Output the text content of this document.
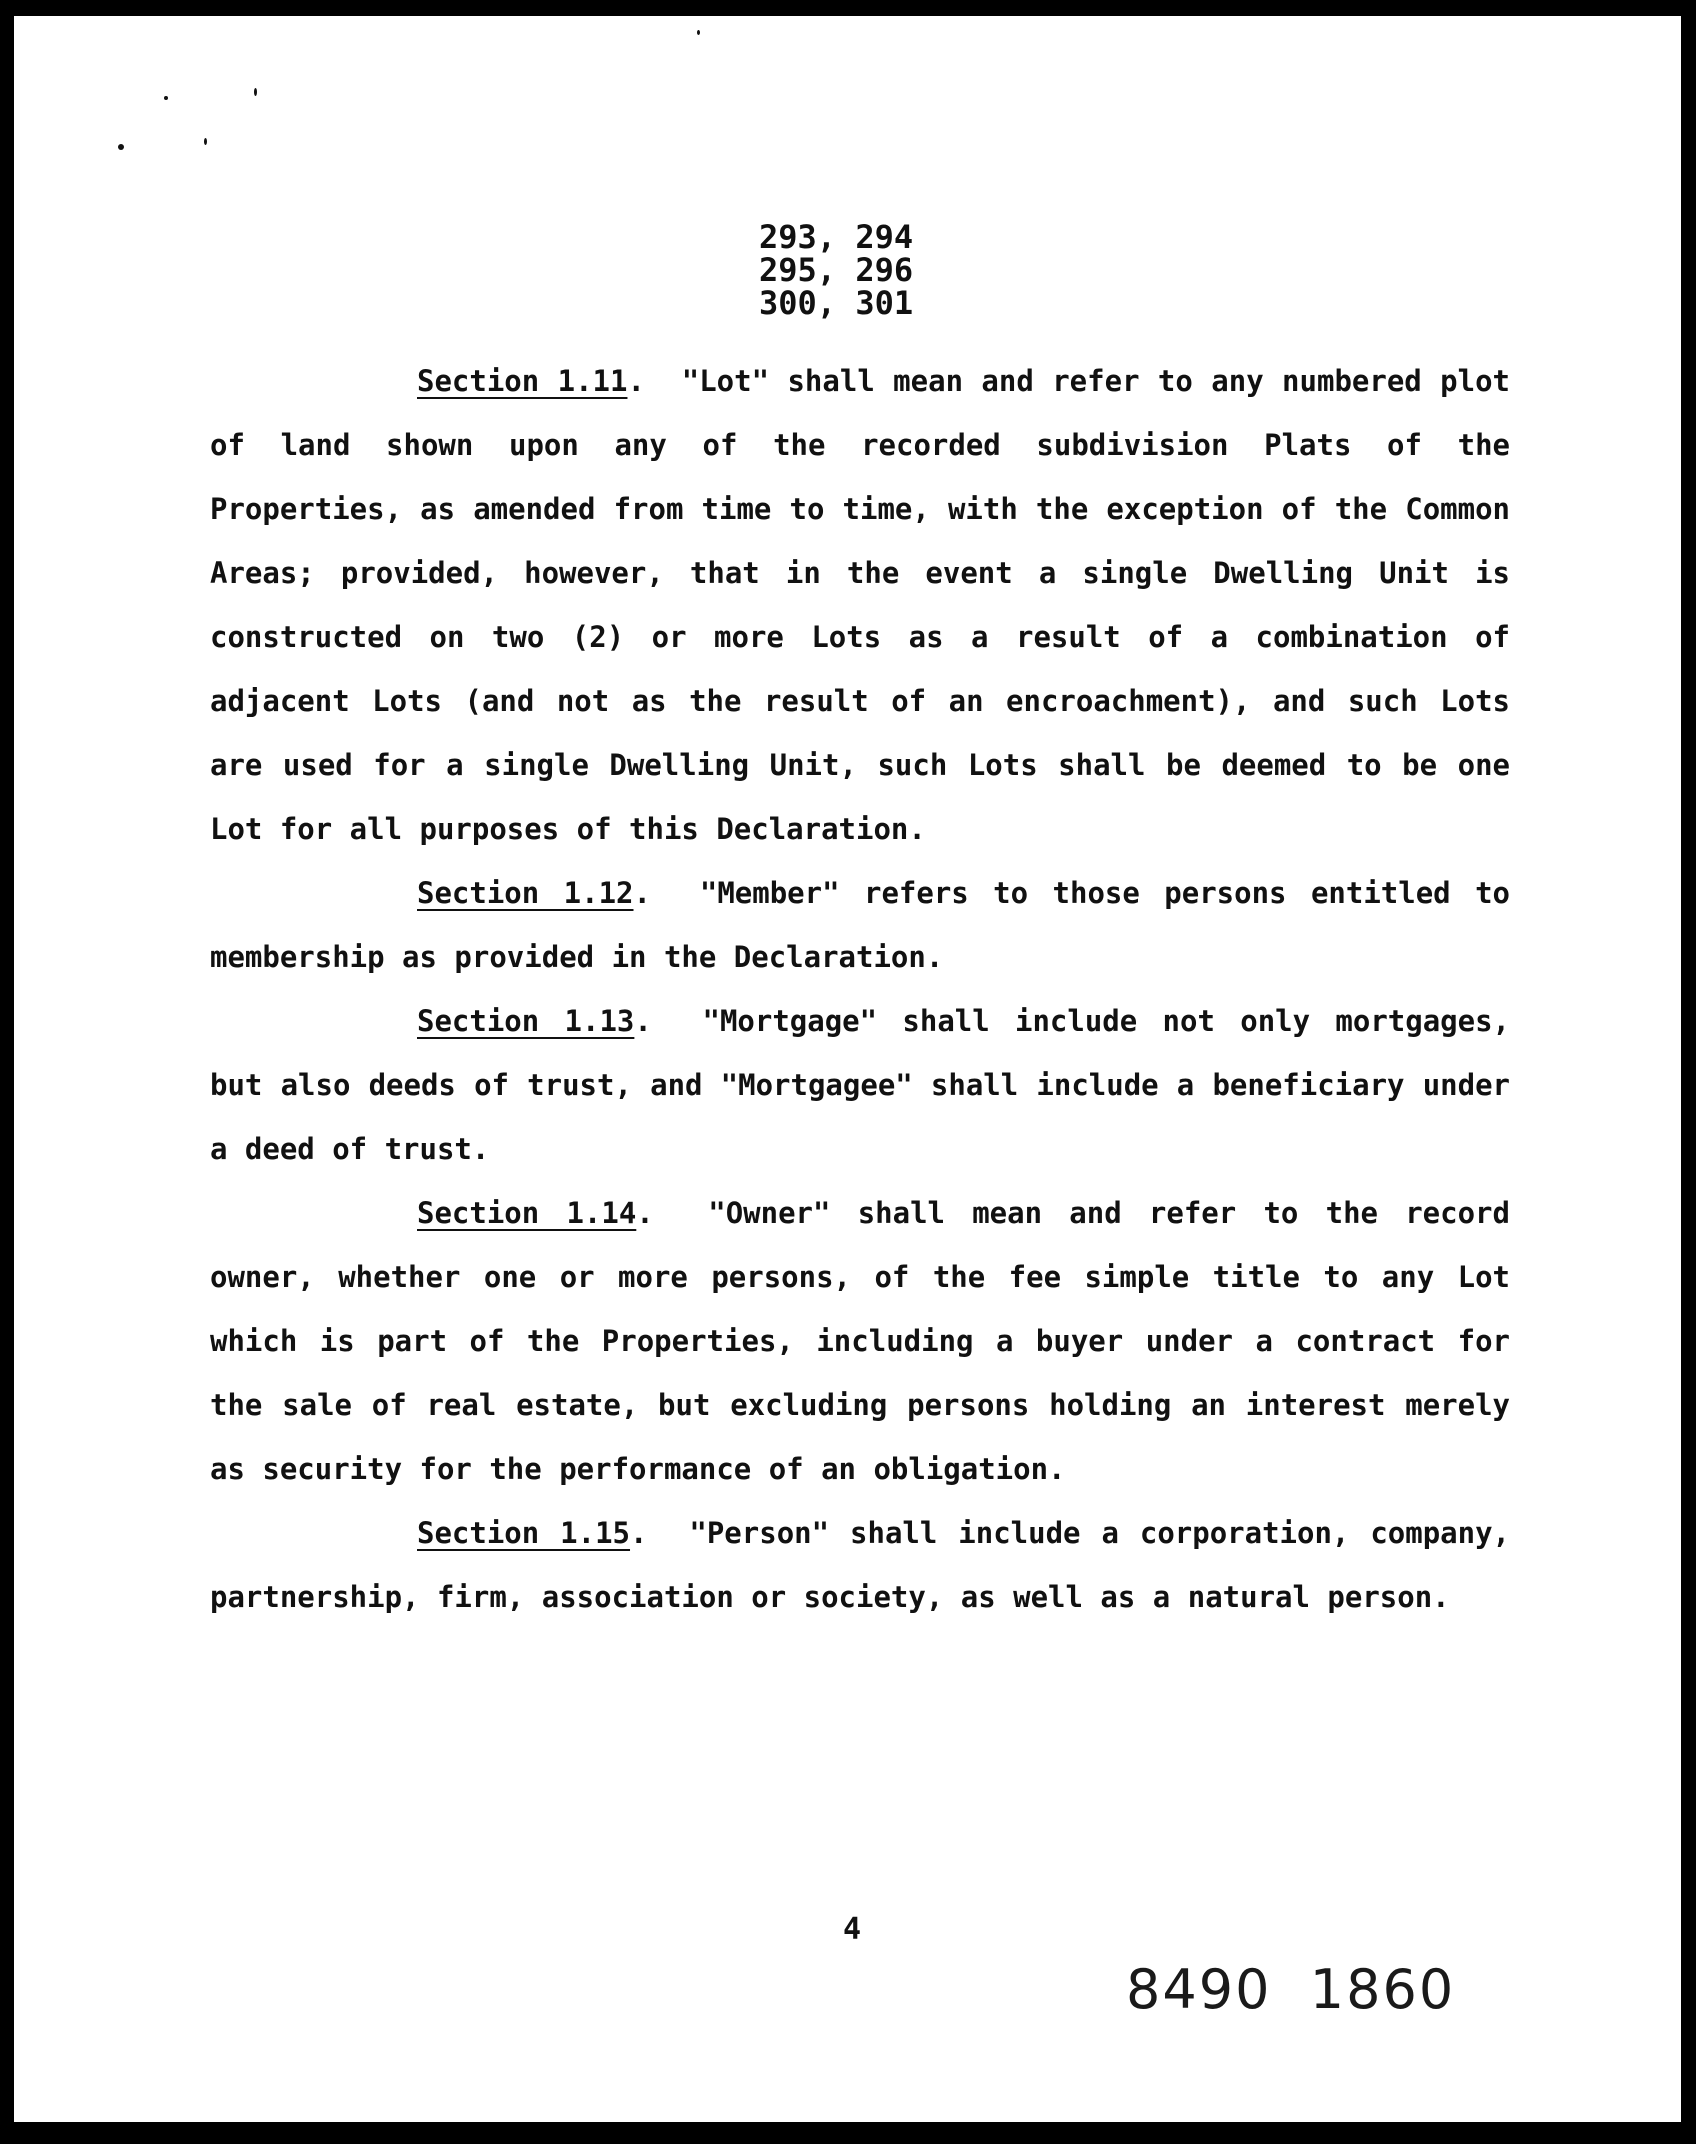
293, 294
295, 296
300, 301

Section 1.11.  "Lot" shall mean and refer to any numbered plot of land shown upon any of the recorded subdivision Plats of the Properties, as amended from time to time, with the exception of the Common Areas; provided, however, that in the event a single Dwelling Unit is constructed on two (2) or more Lots as a result of a combination of adjacent Lots (and not as the result of an encroachment), and such Lots are used for a single Dwelling Unit, such Lots shall be deemed to be one Lot for all purposes of this Declaration.

Section 1.12.  "Member" refers to those persons entitled to membership as provided in the Declaration.

Section 1.13.  "Mortgage" shall include not only mortgages, but also deeds of trust, and "Mortgagee" shall include a beneficiary under a deed of trust.

Section 1.14.  "Owner" shall mean and refer to the record owner, whether one or more persons, of the fee simple title to any Lot which is part of the Properties, including a buyer under a contract for the sale of real estate, but excluding persons holding an interest merely as security for the performance of an obligation.

Section 1.15.  "Person" shall include a corporation, company, partnership, firm, association or society, as well as a natural person.

4
8490  1860
